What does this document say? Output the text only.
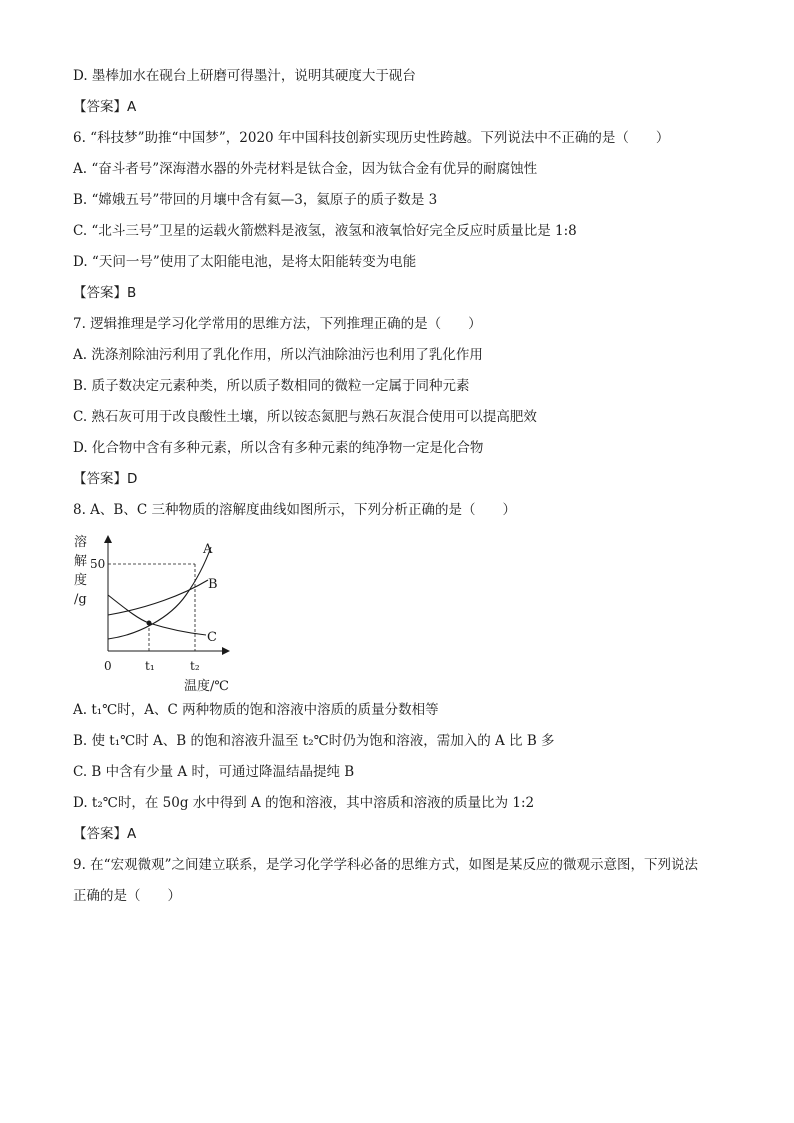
D. 墨棒加水在砚台上研磨可得墨汁，说明其硬度大于砚台
【答案】A
6. “科技梦”助推“中国梦”，2020 年中国科技创新实现历史性跨越。下列说法中不正确的是（　　）
A. “奋斗者号”深海潜水器的外壳材料是钛合金，因为钛合金有优异的耐腐蚀性
B. “嫦娥五号”带回的月壤中含有氦—3，氦原子的质子数是 3
C. “北斗三号”卫星的运载火箭燃料是液氢，液氢和液氧恰好完全反应时质量比是 1:8
D. “天问一号”使用了太阳能电池，是将太阳能转变为电能
【答案】B
7. 逻辑推理是学习化学常用的思维方法，下列推理正确的是（　　）
A. 洗涤剂除油污利用了乳化作用，所以汽油除油污也利用了乳化作用
B. 质子数决定元素种类，所以质子数相同的微粒一定属于同种元素
C. 熟石灰可用于改良酸性土壤，所以铵态氮肥与熟石灰混合使用可以提高肥效
D. 化合物中含有多种元素，所以含有多种元素的纯净物一定是化合物
【答案】D
8. A、B、C 三种物质的溶解度曲线如图所示，下列分析正确的是（　　）
A. t₁℃时，A、C 两种物质的饱和溶液中溶质的质量分数相等
B. 使 t₁℃时 A、B 的饱和溶液升温至 t₂℃时仍为饱和溶液，需加入的 A 比 B 多
C. B 中含有少量 A 时，可通过降温结晶提纯 B
D. t₂℃时，在 50g 水中得到 A 的饱和溶液，其中溶质和溶液的质量比为 1:2
【答案】A
9. 在“宏观微观”之间建立联系，是学习化学学科必备的思维方式，如图是某反应的微观示意图，下列说法
正确的是（　　）
溶
解
度
/g
50
0	t₁	t₂
温度/℃
A
B
C
